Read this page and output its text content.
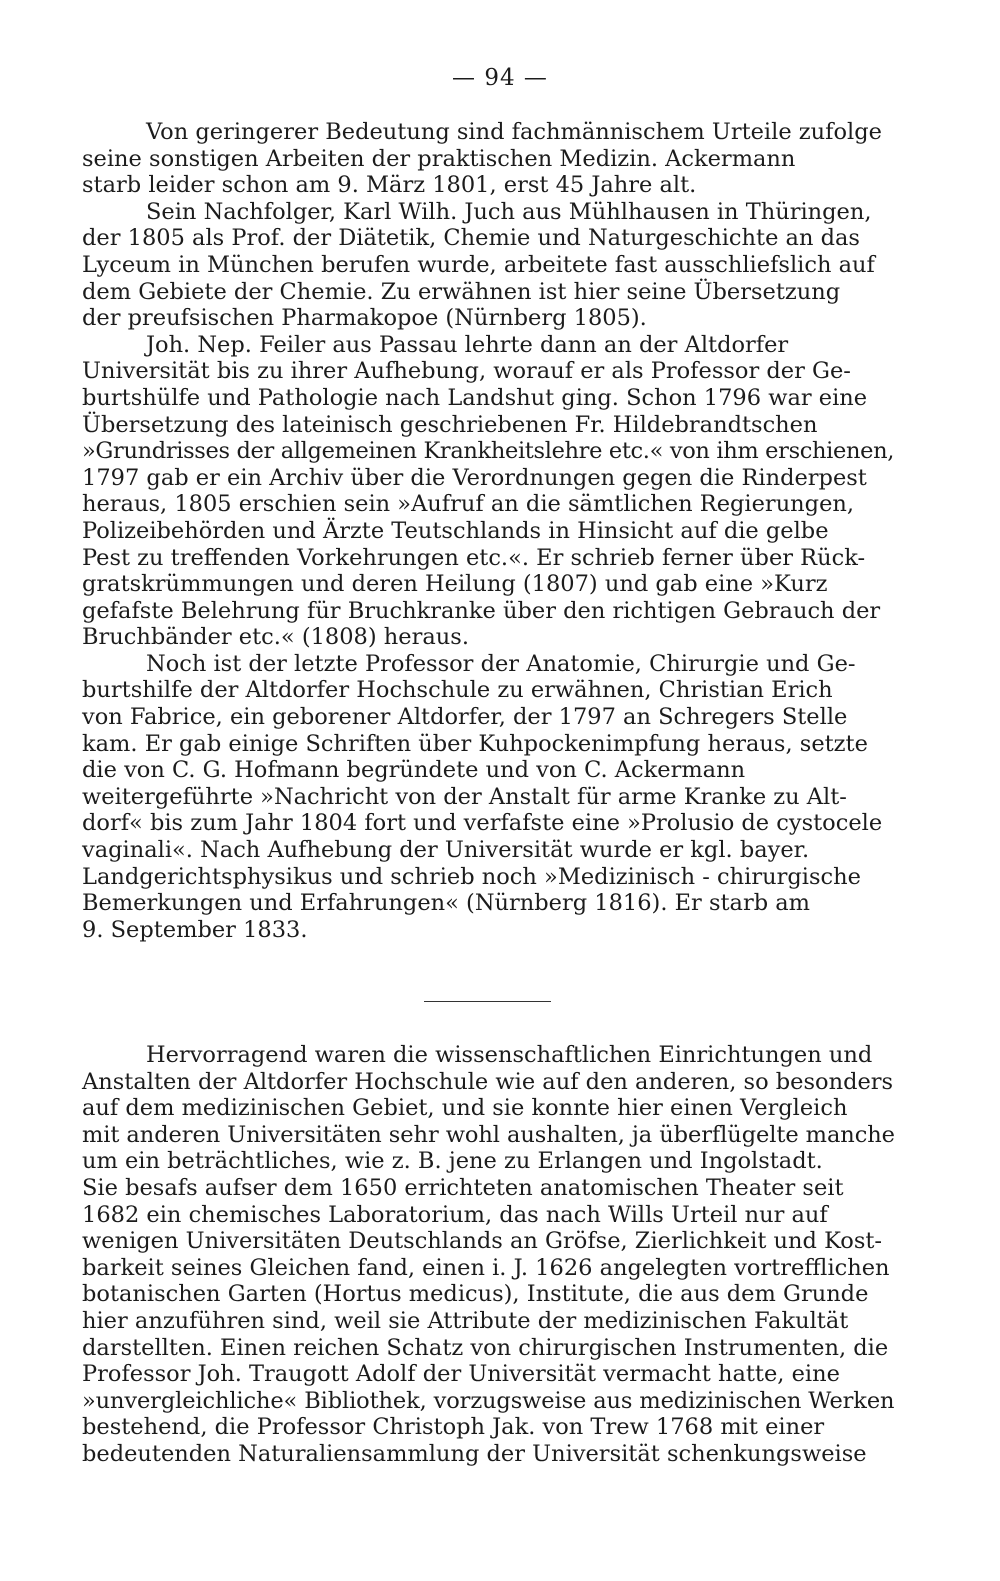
— 94 —
Von geringerer Bedeutung sind fachmännischem Urteile zufolge
seine sonstigen Arbeiten der praktischen Medizin. Ackermann
starb leider schon am 9. März 1801, erst 45 Jahre alt.
Sein Nachfolger, Karl Wilh. Juch aus Mühlhausen in Thüringen,
der 1805 als Prof. der Diätetik, Chemie und Naturgeschichte an das
Lyceum in München berufen wurde, arbeitete fast ausschliefslich auf
dem Gebiete der Chemie. Zu erwähnen ist hier seine Übersetzung
der preufsischen Pharmakopoe (Nürnberg 1805).
Joh. Nep. Feiler aus Passau lehrte dann an der Altdorfer
Universität bis zu ihrer Aufhebung, worauf er als Professor der Ge-
burtshülfe und Pathologie nach Landshut ging. Schon 1796 war eine
Übersetzung des lateinisch geschriebenen Fr. Hildebrandtschen
»Grundrisses der allgemeinen Krankheitslehre etc.« von ihm erschienen,
1797 gab er ein Archiv über die Verordnungen gegen die Rinderpest
heraus, 1805 erschien sein »Aufruf an die sämtlichen Regierungen,
Polizeibehörden und Ärzte Teutschlands in Hinsicht auf die gelbe
Pest zu treffenden Vorkehrungen etc.«. Er schrieb ferner über Rück-
gratskrümmungen und deren Heilung (1807) und gab eine »Kurz
gefafste Belehrung für Bruchkranke über den richtigen Gebrauch der
Bruchbänder etc.« (1808) heraus.
Noch ist der letzte Professor der Anatomie, Chirurgie und Ge-
burtshilfe der Altdorfer Hochschule zu erwähnen, Christian Erich
von Fabrice, ein geborener Altdorfer, der 1797 an Schregers Stelle
kam. Er gab einige Schriften über Kuhpockenimpfung heraus, setzte
die von C. G. Hofmann begründete und von C. Ackermann
weitergeführte »Nachricht von der Anstalt für arme Kranke zu Alt-
dorf« bis zum Jahr 1804 fort und verfafste eine »Prolusio de cystocele
vaginali«. Nach Aufhebung der Universität wurde er kgl. bayer.
Landgerichtsphysikus und schrieb noch »Medizinisch - chirurgische
Bemerkungen und Erfahrungen« (Nürnberg 1816). Er starb am
9. September 1833.
Hervorragend waren die wissenschaftlichen Einrichtungen und
Anstalten der Altdorfer Hochschule wie auf den anderen, so besonders
auf dem medizinischen Gebiet, und sie konnte hier einen Vergleich
mit anderen Universitäten sehr wohl aushalten, ja überflügelte manche
um ein beträchtliches, wie z. B. jene zu Erlangen und Ingolstadt.
Sie besafs aufser dem 1650 errichteten anatomischen Theater seit
1682 ein chemisches Laboratorium, das nach Wills Urteil nur auf
wenigen Universitäten Deutschlands an Gröfse, Zierlichkeit und Kost-
barkeit seines Gleichen fand, einen i. J. 1626 angelegten vortrefflichen
botanischen Garten (Hortus medicus), Institute, die aus dem Grunde
hier anzuführen sind, weil sie Attribute der medizinischen Fakultät
darstellten. Einen reichen Schatz von chirurgischen Instrumenten, die
Professor Joh. Traugott Adolf der Universität vermacht hatte, eine
»unvergleichliche« Bibliothek, vorzugsweise aus medizinischen Werken
bestehend, die Professor Christoph Jak. von Trew 1768 mit einer
bedeutenden Naturaliensammlung der Universität schenkungsweise
